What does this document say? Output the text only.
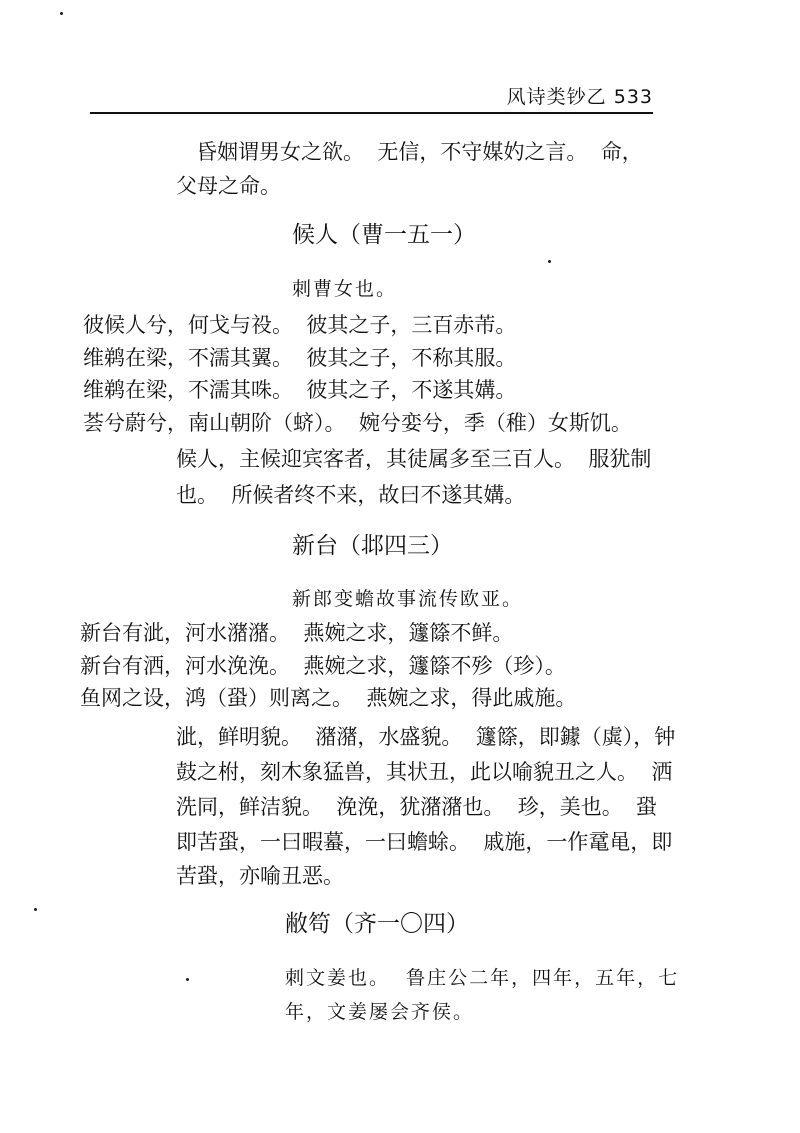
风诗类钞乙 533
昏姻谓男女之欲。  无信，不守媒妁之言。  命，
父母之命。
候人（曹一五一）
刺曹女也。
彼候人兮，何戈与祋。  彼其之子，三百赤芾。
维鹈在梁，不濡其翼。  彼其之子，不称其服。
维鹈在梁，不濡其咮。  彼其之子，不遂其媾。
荟兮蔚兮，南山朝阶（蛴）。  婉兮娈兮，季（稚）女斯饥。
候人，主候迎宾客者，其徒属多至三百人。  服犹制
也。  所候者终不来，故曰不遂其媾。
新台（邶四三）
新郎变蟾故事流传欧亚。
新台有泚，河水潴潴。  燕婉之求，籧篨不鲜。
新台有洒，河水浼浼。  燕婉之求，籧篨不殄（珍）。
鱼网之设，鸿（蛩）则离之。  燕婉之求，得此戚施。
泚，鲜明貌。  潴潴，水盛貌。  籧篨，即鐻（虡），钟
鼓之柎，刻木象猛兽，其状丑，此以喻貌丑之人。  洒
洗同，鲜洁貌。  浼浼，犹潴潴也。  珍，美也。  蛩
即苦蛩，一曰暇蟇，一曰蟾蜍。  戚施，一作鼋黾，即
苦蛩，亦喻丑恶。
敝笱（齐一〇四）
刺文姜也。  鲁庄公二年，四年，五年，七
年，文姜屡会齐侯。
